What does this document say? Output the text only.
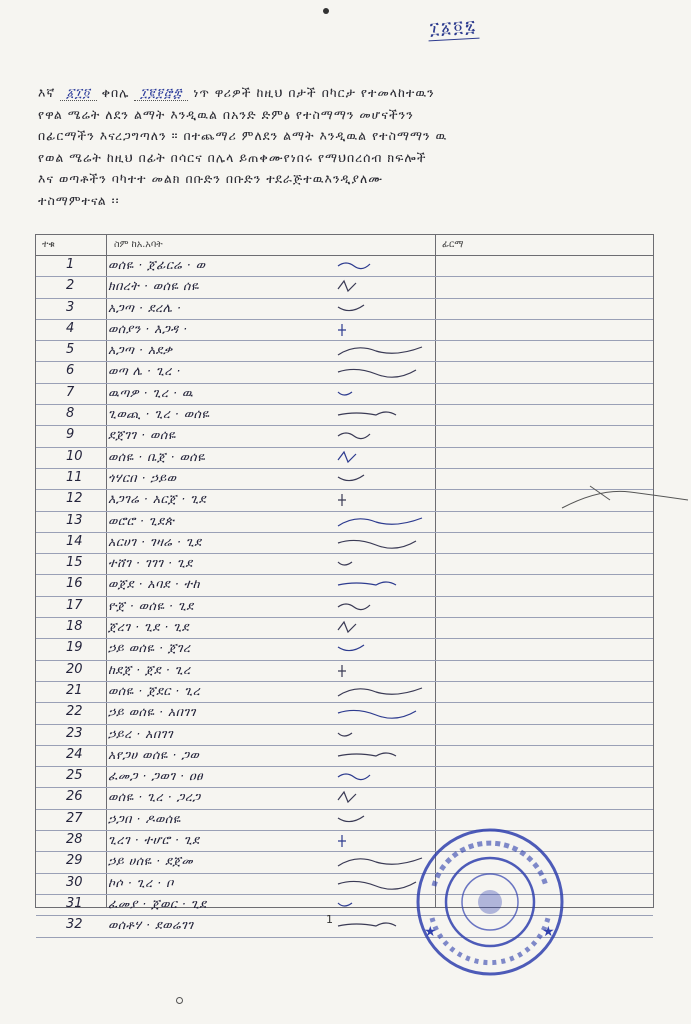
፲፩፬፯
እኛ ፩፲፬ ቀበሌ ፲፪፻፸፰ ነጥ ዋሪዎች ከዚህ በታች በካርታ የተመላከተዉን
የዋል ሜሬት ለደን ልማት እንዲዉል በአንድ ድምፅ የተስማማን መሆናችንን
በፊርማችን እናረጋግጣለን ። በተጨማሪ ምለደን ልማት እንዲዉል የተስማማን ዉ
የወል ሜሬት ከዚህ በፊት በሳርና በሌላ ይጠቀሙየነበሩ የማህበረሰብ ክፍሎች
እና ወጣቶችን ባካተተ መልክ በቡድን በቡድን ተደራጅተዉእንዲያለሙ
ተስማምተናል ፡፡
ተቁ	ስም ከአ.አባት	ፊርማ
1	ወሰዬ · ጀፊርሬ · ወ
2	ክበረት · ወሰዬ ሰዬ
3	አጋጣ · ደረሌ ·
4	ወሰያን · እጋዳ ·
5	አጋጣ · አደቃ
6	ወጣ ሌ · ጊረ ·
7	ዉጣዎ · ጊረ · ዉ
8	ጊወጪ · ጊረ · ወሰዬ
9	ደጀገገ · ወሰዬ
10	ወሰዬ · ቤጀ · ወሰዬ
11	ጎሃርበ · ኃይወ
12	እጋገሬ · አርጀ · ጊደ
13	ወሮሮ · ጊደጵ
14	አርሀገ · ገዛሬ · ጊደ
15	ተሸገ · ገገገ · ጊደ
16	ወጀደ · አባደ · ተከ
17	ዮጀ · ወሰዬ · ጊደ
18	ጀረገ · ጊደ · ጊደ
19	ኃይ ወሰዬ · ጀገረ
20	ከደጀ · ጀደ · ጊረ
21	ወሰዬ · ጀደር · ጊረ
22	ኃይ ወሰዬ · አበገገ
23	ኃይረ · አበገገ
24	አየጋሀ ወሰዬ · ጋወ
25	ፈመጋ · ጋወገ · ዐፀ
26	ወሰዬ · ጊረ · ጋረጋ
27	ኃጋበ · ዶወሰዬ
28	ጊረገ · ተሆሮ · ጊደ
29	ኃይ ሀሰዬ · ደጀመ
30	ኮሶ · ጊረ · ቦ
31	ፈመያ · ጀወር · ጊደ
32	ወሰቶሃ · ደወሬገገ	★	★
1
